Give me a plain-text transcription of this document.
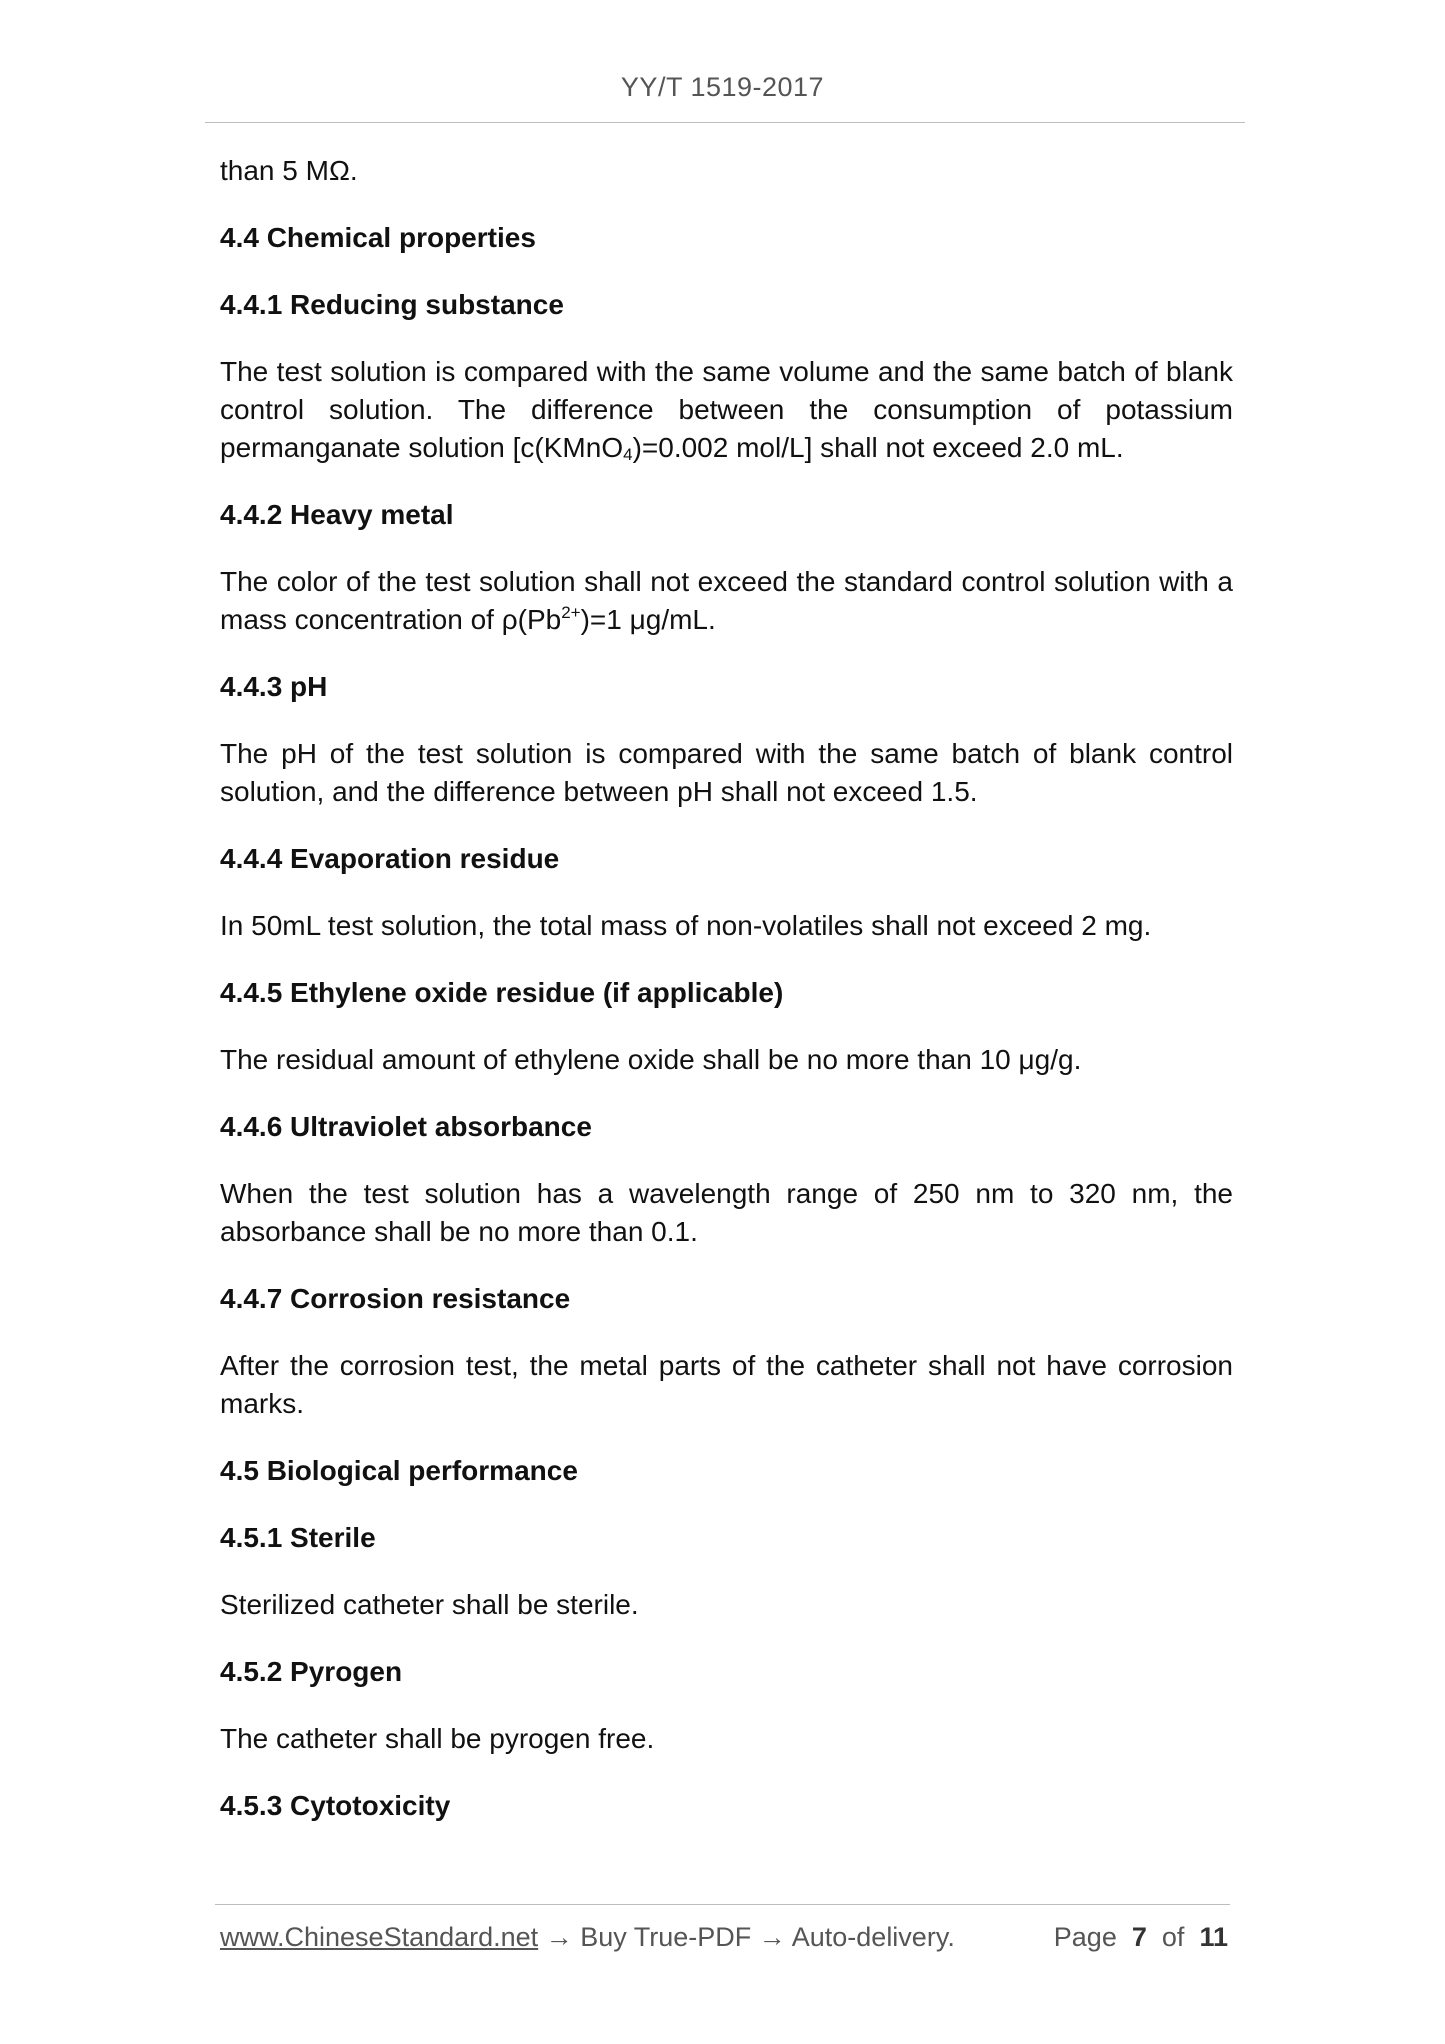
YY/T 1519-2017

than 5 MΩ.

4.4 Chemical properties

4.4.1 Reducing substance

The test solution is compared with the same volume and the same batch of blank control solution. The difference between the consumption of potassium permanganate solution [c(KMnO$_4$)=0.002 mol/L] shall not exceed 2.0 mL.

4.4.2 Heavy metal

The color of the test solution shall not exceed the standard control solution with a mass concentration of $\rho(Pb^{2+})=1$ μg/mL.

4.4.3 pH

The pH of the test solution is compared with the same batch of blank control solution, and the difference between pH shall not exceed 1.5.

4.4.4 Evaporation residue

In 50mL test solution, the total mass of non-volatiles shall not exceed 2 mg.

4.4.5 Ethylene oxide residue (if applicable)

The residual amount of ethylene oxide shall be no more than 10 μg/g.

4.4.6 Ultraviolet absorbance

When the test solution has a wavelength range of 250 nm to 320 nm, the absorbance shall be no more than 0.1.

4.4.7 Corrosion resistance

After the corrosion test, the metal parts of the catheter shall not have corrosion marks.

4.5 Biological performance

4.5.1 Sterile

Sterilized catheter shall be sterile.

4.5.2 Pyrogen

The catheter shall be pyrogen free.

4.5.3 Cytotoxicity

www.ChineseStandard.net → Buy True-PDF → Auto-delivery.	Page 7 of 11
